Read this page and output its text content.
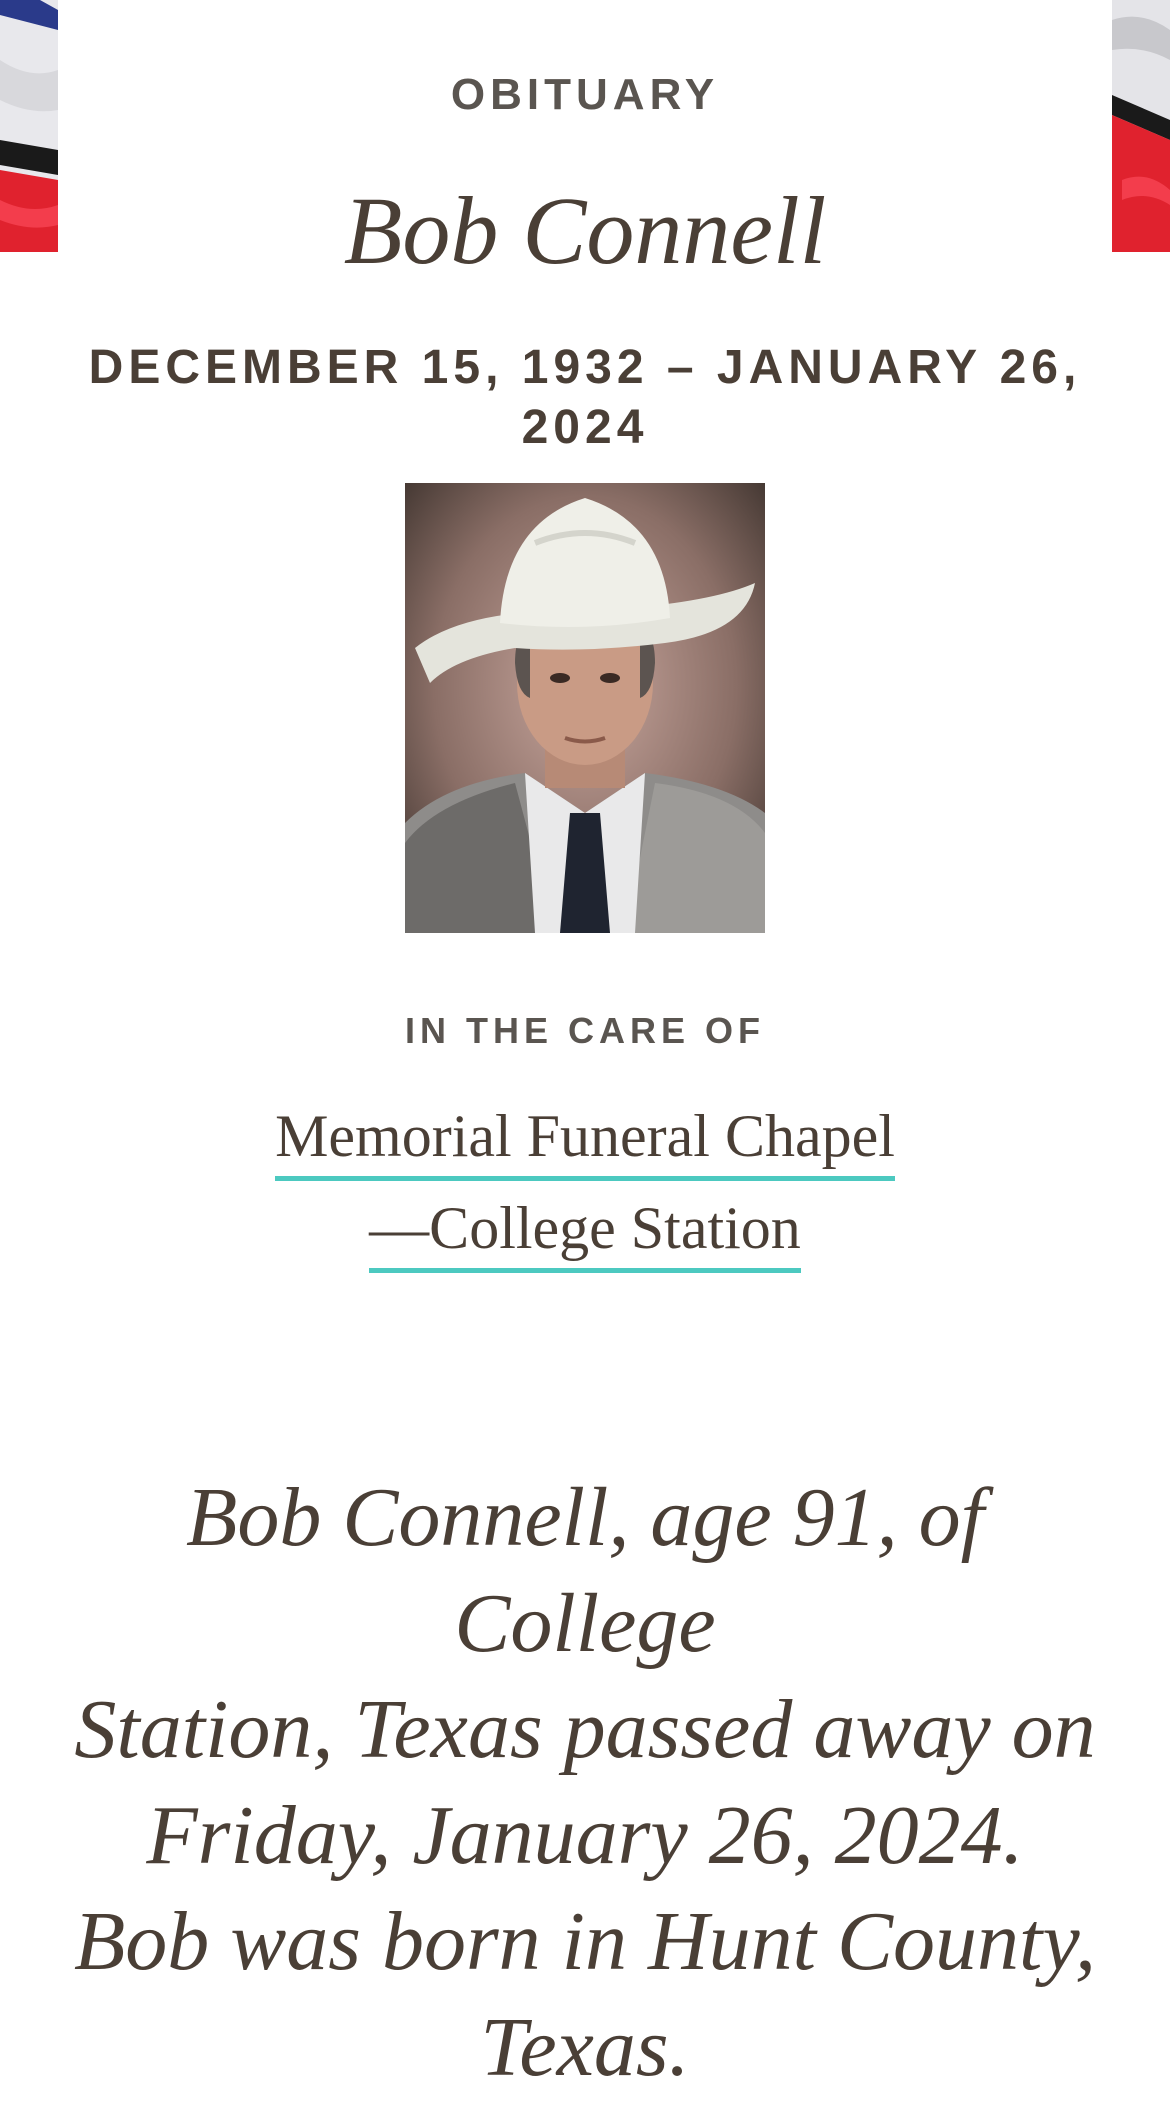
OBITUARY
Bob Connell
DECEMBER 15, 1932 – JANUARY 26,
2024
IN THE CARE OF
Memorial Funeral Chapel
—College Station
Bob Connell, age 91, of College
Station, Texas passed away on
Friday, January 26, 2024.
Bob was born in Hunt County,
Texas.
